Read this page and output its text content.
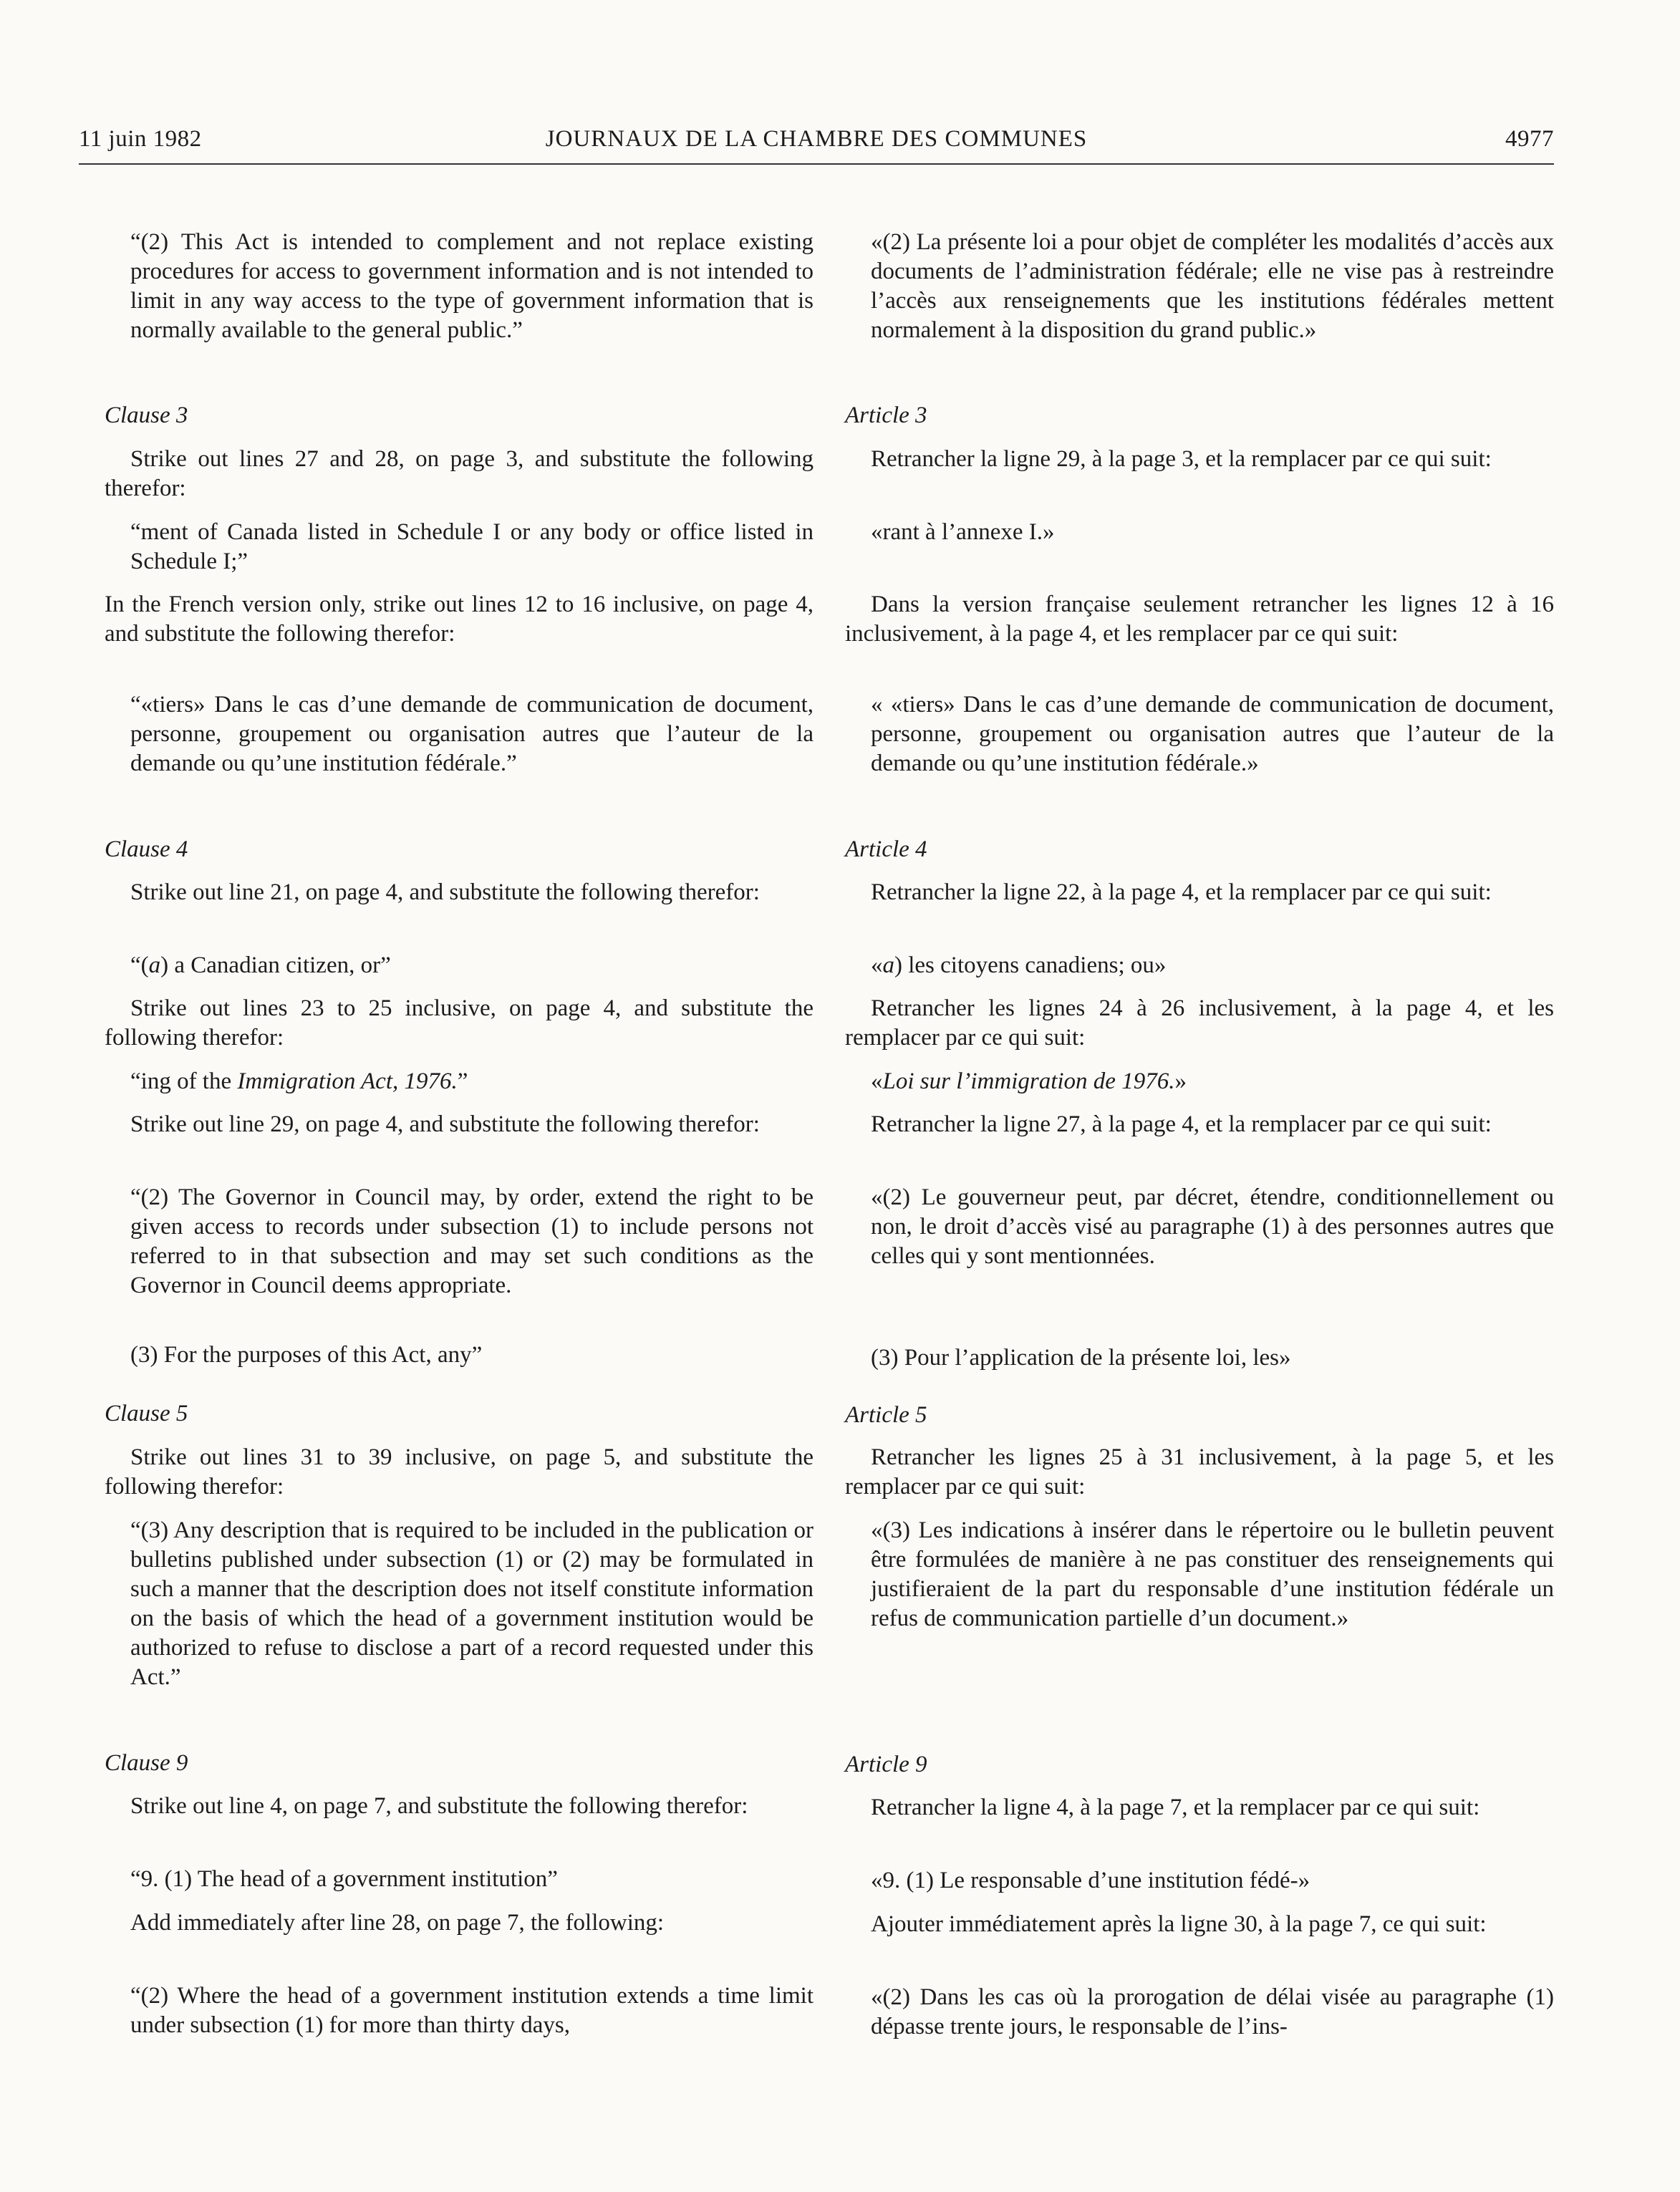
11 juin 1982	JOURNAUX DE LA CHAMBRE DES COMMUNES	4977

“(2) This Act is intended to complement and not replace existing procedures for access to government information and is not intended to limit in any way access to the type of government information that is normally available to the general public.”

Clause 3

Strike out lines 27 and 28, on page 3, and substitute the following therefor:

“ment of Canada listed in Schedule I or any body or office listed in Schedule I;”

In the French version only, strike out lines 12 to 16 inclusive, on page 4, and substitute the following therefor:

“«tiers» Dans le cas d’une demande de communication de document, personne, groupement ou organisation autres que l’auteur de la demande ou qu’une institution fédérale.”

Clause 4

Strike out line 21, on page 4, and substitute the following therefor:

“(a) a Canadian citizen, or”

Strike out lines 23 to 25 inclusive, on page 4, and substitute the following therefor:

“ing of the Immigration Act, 1976.”

Strike out line 29, on page 4, and substitute the following therefor:

“(2) The Governor in Council may, by order, extend the right to be given access to records under subsection (1) to include persons not referred to in that subsection and may set such conditions as the Governor in Council deems appropriate.

(3) For the purposes of this Act, any”

Clause 5

Strike out lines 31 to 39 inclusive, on page 5, and substitute the following therefor:

“(3) Any description that is required to be included in the publication or bulletins published under subsection (1) or (2) may be formulated in such a manner that the description does not itself constitute information on the basis of which the head of a government institution would be authorized to refuse to disclose a part of a record requested under this Act.”

Clause 9

Strike out line 4, on page 7, and substitute the following therefor:

“9. (1) The head of a government institution”

Add immediately after line 28, on page 7, the following:

“(2) Where the head of a government institution extends a time limit under subsection (1) for more than thirty days,

«(2) La présente loi a pour objet de compléter les modalités d’accès aux documents de l’administration fédérale; elle ne vise pas à restreindre l’accès aux renseignements que les institutions fédérales mettent normalement à la disposition du grand public.»

Article 3

Retrancher la ligne 29, à la page 3, et la remplacer par ce qui suit:

«rant à l’annexe I.»

Dans la version française seulement retrancher les lignes 12 à 16 inclusivement, à la page 4, et les remplacer par ce qui suit:

« «tiers» Dans le cas d’une demande de communication de document, personne, groupement ou organisation autres que l’auteur de la demande ou qu’une institution fédérale.»

Article 4

Retrancher la ligne 22, à la page 4, et la remplacer par ce qui suit:

«a) les citoyens canadiens; ou»

Retrancher les lignes 24 à 26 inclusivement, à la page 4, et les remplacer par ce qui suit:

«Loi sur l’immigration de 1976.»

Retrancher la ligne 27, à la page 4, et la remplacer par ce qui suit:

«(2) Le gouverneur peut, par décret, étendre, conditionnellement ou non, le droit d’accès visé au paragraphe (1) à des personnes autres que celles qui y sont mentionnées.

(3) Pour l’application de la présente loi, les»

Article 5

Retrancher les lignes 25 à 31 inclusivement, à la page 5, et les remplacer par ce qui suit:

«(3) Les indications à insérer dans le répertoire ou le bulletin peuvent être formulées de manière à ne pas constituer des renseignements qui justifieraient de la part du responsable d’une institution fédérale un refus de communication partielle d’un document.»

Article 9

Retrancher la ligne 4, à la page 7, et la remplacer par ce qui suit:

«9. (1) Le responsable d’une institution fédé-»

Ajouter immédiatement après la ligne 30, à la page 7, ce qui suit:

«(2) Dans les cas où la prorogation de délai visée au paragraphe (1) dépasse trente jours, le responsable de l’ins-
